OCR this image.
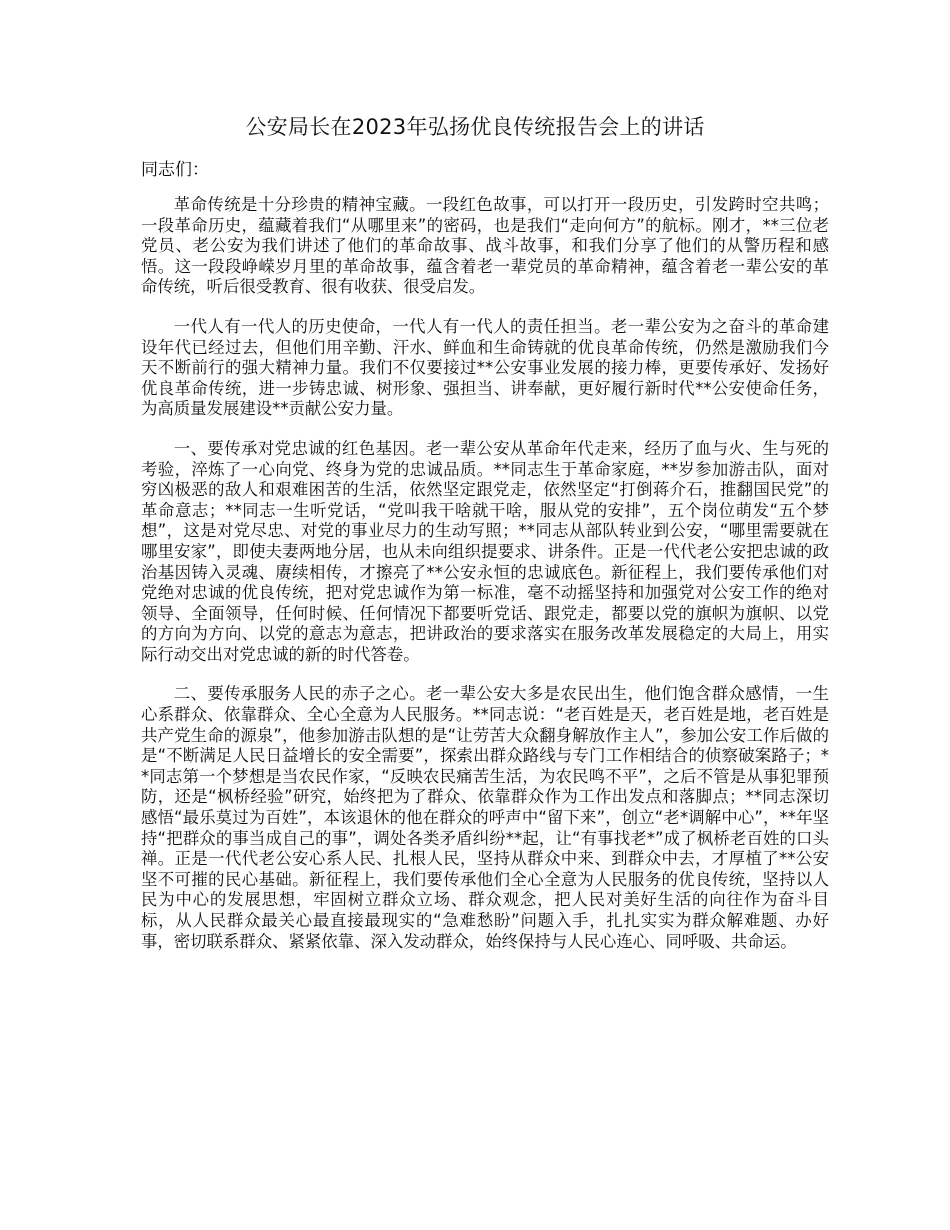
公安局长在2023年弘扬优良传统报告会上的讲话

同志们：

革命传统是十分珍贵的精神宝藏。一段红色故事，可以打开一段历史，引发跨时空共鸣；一段革命历史，蕴藏着我们“从哪里来”的密码，也是我们“走向何方”的航标。刚才，**三位老党员、老公安为我们讲述了他们的革命故事、战斗故事，和我们分享了他们的从警历程和感悟。这一段段峥嵘岁月里的革命故事，蕴含着老一辈党员的革命精神，蕴含着老一辈公安的革命传统，听后很受教育、很有收获、很受启发。

一代人有一代人的历史使命，一代人有一代人的责任担当。老一辈公安为之奋斗的革命建设年代已经过去，但他们用辛勤、汗水、鲜血和生命铸就的优良革命传统，仍然是激励我们今天不断前行的强大精神力量。我们不仅要接过**公安事业发展的接力棒，更要传承好、发扬好优良革命传统，进一步铸忠诚、树形象、强担当、讲奉献，更好履行新时代**公安使命任务，为高质量发展建设**贡献公安力量。

一、要传承对党忠诚的红色基因。老一辈公安从革命年代走来，经历了血与火、生与死的考验，淬炼了一心向党、终身为党的忠诚品质。**同志生于革命家庭，**岁参加游击队，面对穷凶极恶的敌人和艰难困苦的生活，依然坚定跟党走，依然坚定“打倒蒋介石，推翻国民党”的革命意志；**同志一生听党话，“党叫我干啥就干啥，服从党的安排”，五个岗位萌发“五个梦想”，这是对党尽忠、对党的事业尽力的生动写照；**同志从部队转业到公安，“哪里需要就在哪里安家”，即使夫妻两地分居，也从未向组织提要求、讲条件。正是一代代老公安把忠诚的政治基因铸入灵魂、赓续相传，才擦亮了**公安永恒的忠诚底色。新征程上，我们要传承他们对党绝对忠诚的优良传统，把对党忠诚作为第一标准，毫不动摇坚持和加强党对公安工作的绝对领导、全面领导，任何时候、任何情况下都要听党话、跟党走，都要以党的旗帜为旗帜、以党的方向为方向、以党的意志为意志，把讲政治的要求落实在服务改革发展稳定的大局上，用实际行动交出对党忠诚的新的时代答卷。

二、要传承服务人民的赤子之心。老一辈公安大多是农民出生，他们饱含群众感情，一生心系群众、依靠群众、全心全意为人民服务。**同志说：“老百姓是天，老百姓是地，老百姓是共产党生命的源泉”，他参加游击队想的是“让劳苦大众翻身解放作主人”，参加公安工作后做的是“不断满足人民日益增长的安全需要”，探索出群众路线与专门工作相结合的侦察破案路子；**同志第一个梦想是当农民作家，“反映农民痛苦生活，为农民鸣不平”，之后不管是从事犯罪预防，还是“枫桥经验”研究，始终把为了群众、依靠群众作为工作出发点和落脚点；**同志深切感悟“最乐莫过为百姓”，本该退休的他在群众的呼声中“留下来”，创立“老*调解中心”，**年坚持“把群众的事当成自己的事”，调处各类矛盾纠纷**起，让“有事找老*”成了枫桥老百姓的口头禅。正是一代代老公安心系人民、扎根人民，坚持从群众中来、到群众中去，才厚植了**公安坚不可摧的民心基础。新征程上，我们要传承他们全心全意为人民服务的优良传统，坚持以人民为中心的发展思想，牢固树立群众立场、群众观念，把人民对美好生活的向往作为奋斗目标，从人民群众最关心最直接最现实的“急难愁盼”问题入手，扎扎实实为群众解难题、办好事，密切联系群众、紧紧依靠、深入发动群众，始终保持与人民心连心、同呼吸、共命运。
